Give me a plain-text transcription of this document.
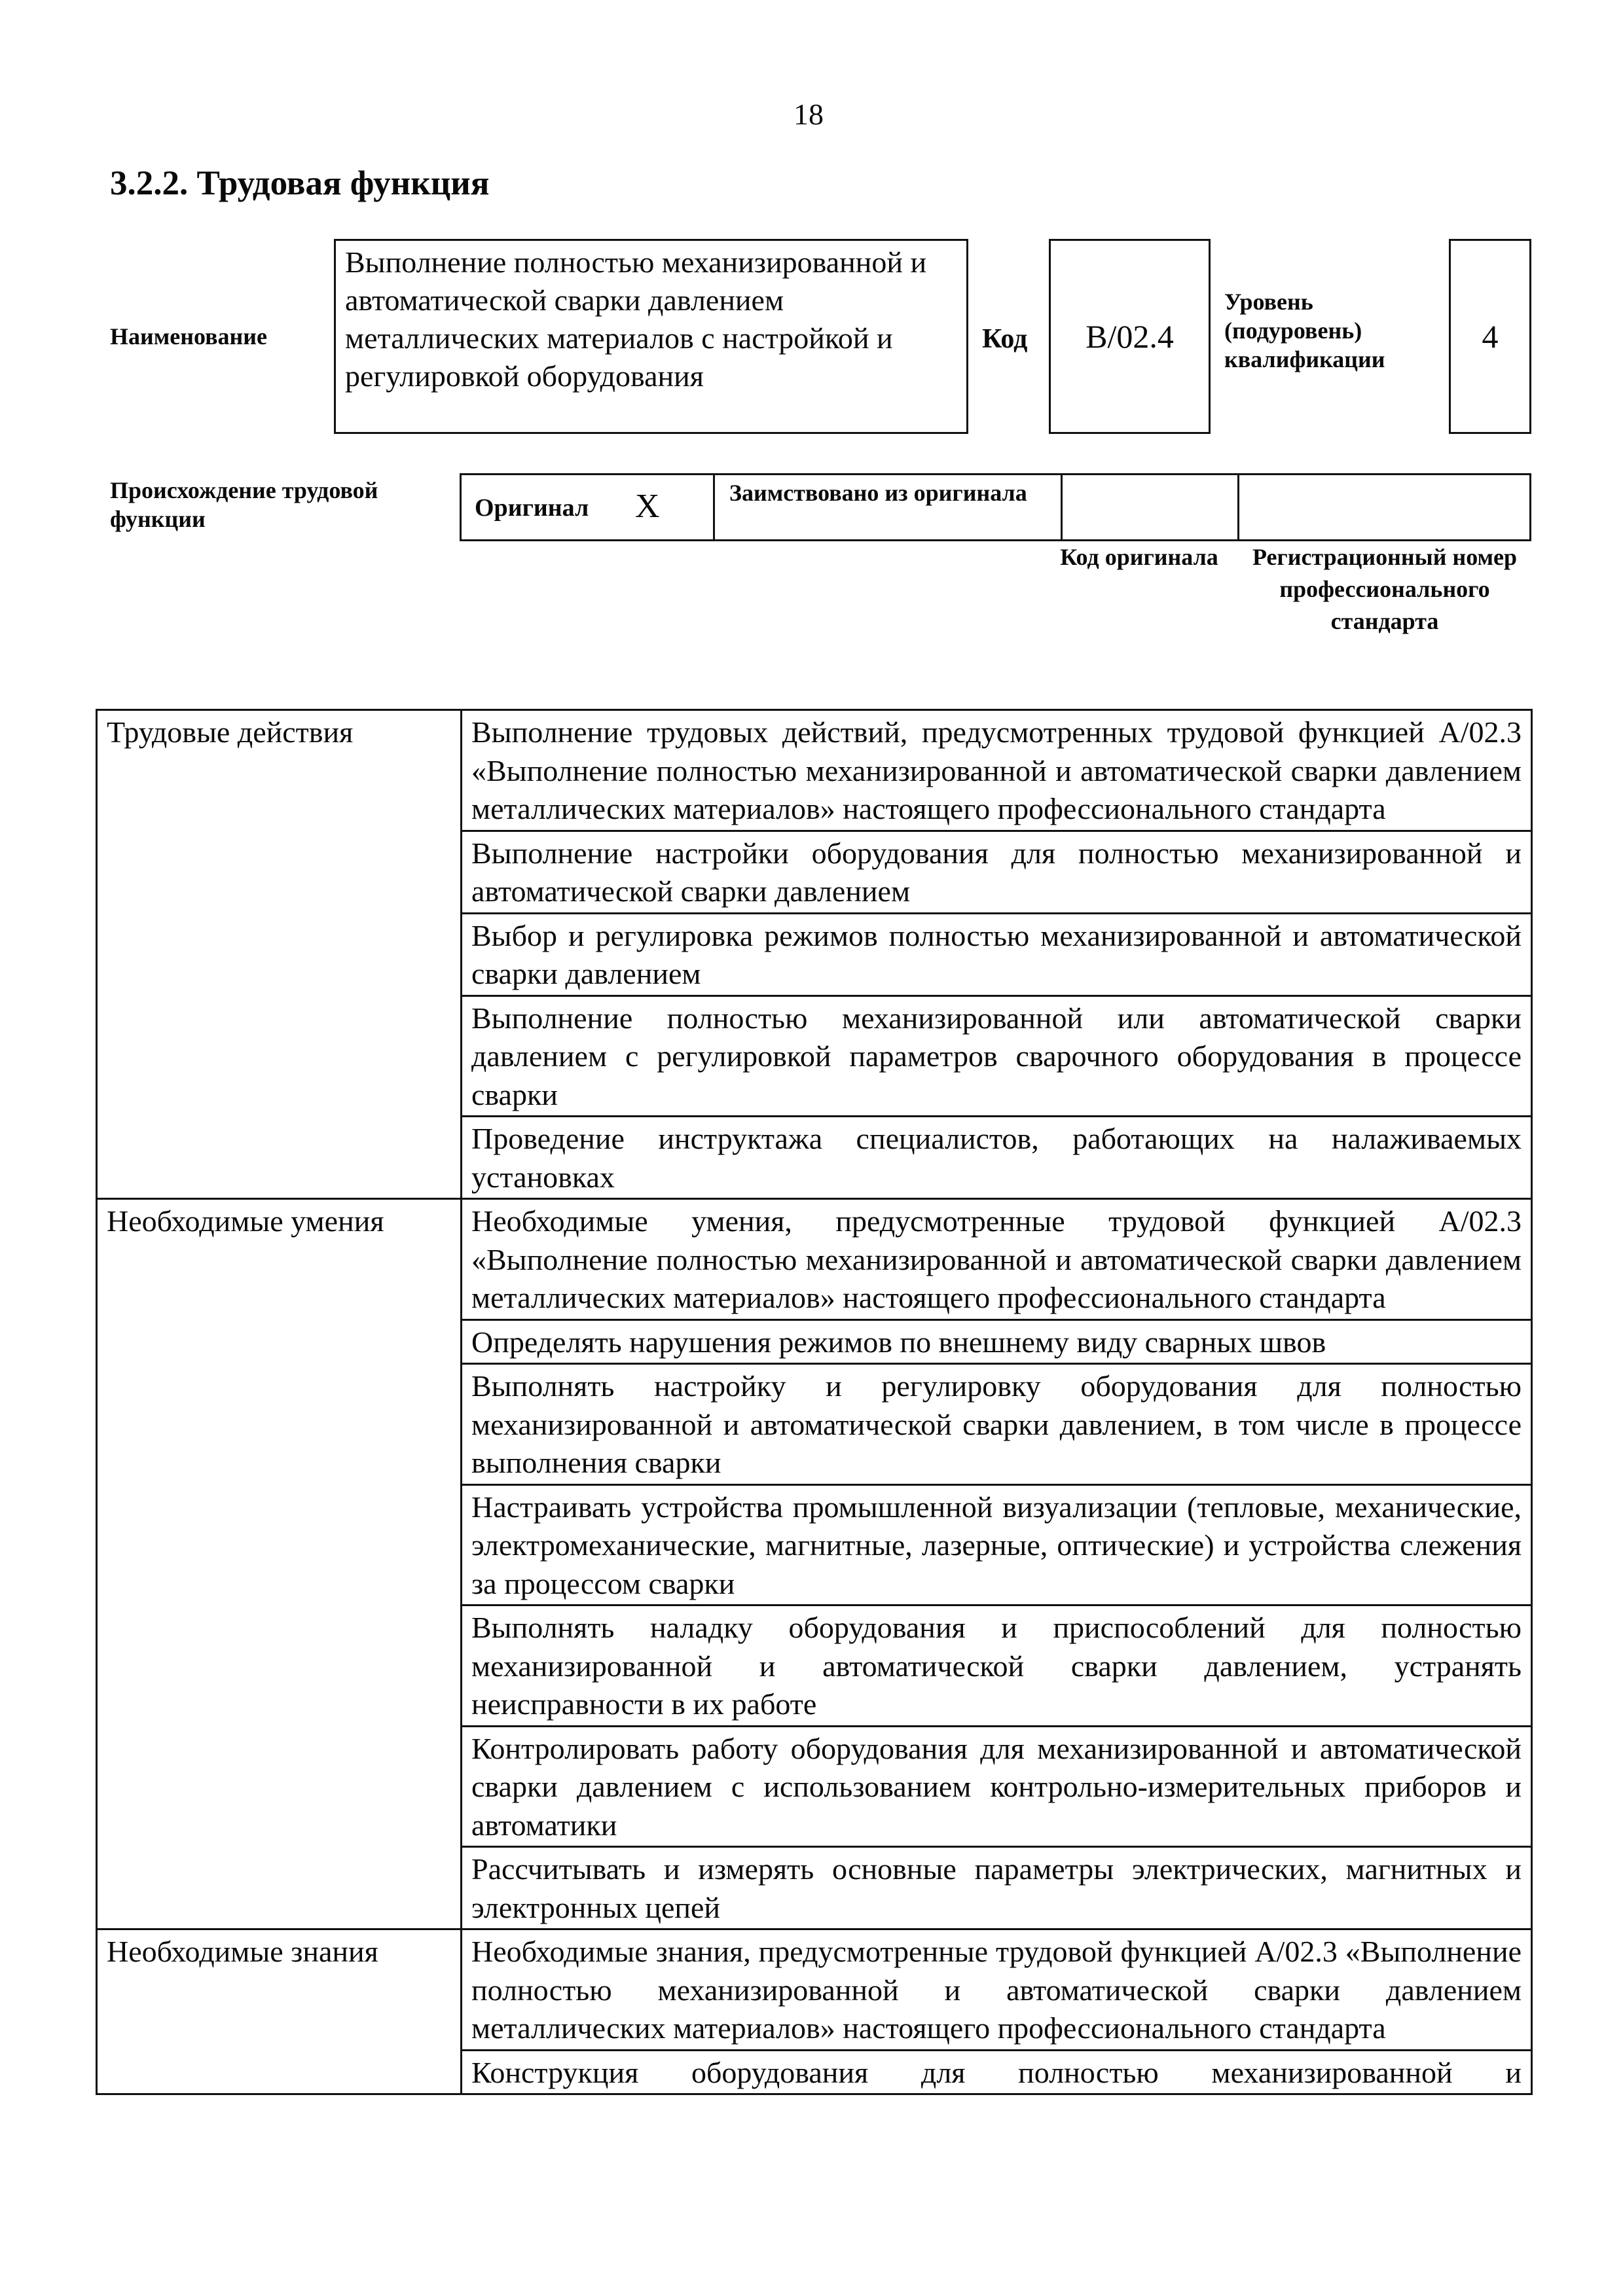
18
3.2.2. Трудовая функция
Наименование
Выполнение полностью механизированной и автоматической сварки давлением металлических материалов с настройкой и регулировкой оборудования
Код B/02.4
Уровень (подуровень) квалификации
4
Происхождение трудовой функции	Оригинал X	Заимствовано из оригинала
Код оригинала	Регистрационный номер профессионального стандарта
Трудовые действия	Выполнение трудовых действий, предусмотренных трудовой функцией А/02.3 «Выполнение полностью механизированной и автоматической сварки давлением металлических материалов» настоящего профессионального стандарта
	Выполнение настройки оборудования для полностью механизированной и автоматической сварки давлением
	Выбор и регулировка режимов полностью механизированной и автоматической сварки давлением
	Выполнение полностью механизированной или автоматической сварки давлением с регулировкой параметров сварочного оборудования в процессе сварки
	Проведение инструктажа специалистов, работающих на налаживаемых установках
Необходимые умения	Необходимые умения, предусмотренные трудовой функцией А/02.3 «Выполнение полностью механизированной и автоматической сварки давлением металлических материалов» настоящего профессионального стандарта
	Определять нарушения режимов по внешнему виду сварных швов
	Выполнять настройку и регулировку оборудования для полностью механизированной и автоматической сварки давлением, в том числе в процессе выполнения сварки
	Настраивать устройства промышленной визуализации (тепловые, механические, электромеханические, магнитные, лазерные, оптические) и устройства слежения за процессом сварки
	Выполнять наладку оборудования и приспособлений для полностью механизированной и автоматической сварки давлением, устранять неисправности в их работе
	Контролировать работу оборудования для механизированной и автоматической сварки давлением с использованием контрольно-измерительных приборов и автоматики
	Рассчитывать и измерять основные параметры электрических, магнитных и электронных цепей
Необходимые знания	Необходимые знания, предусмотренные трудовой функцией А/02.3 «Выполнение полностью механизированной и автоматической сварки давлением металлических материалов» настоящего профессионального стандарта
	Конструкция оборудования для полностью механизированной и
